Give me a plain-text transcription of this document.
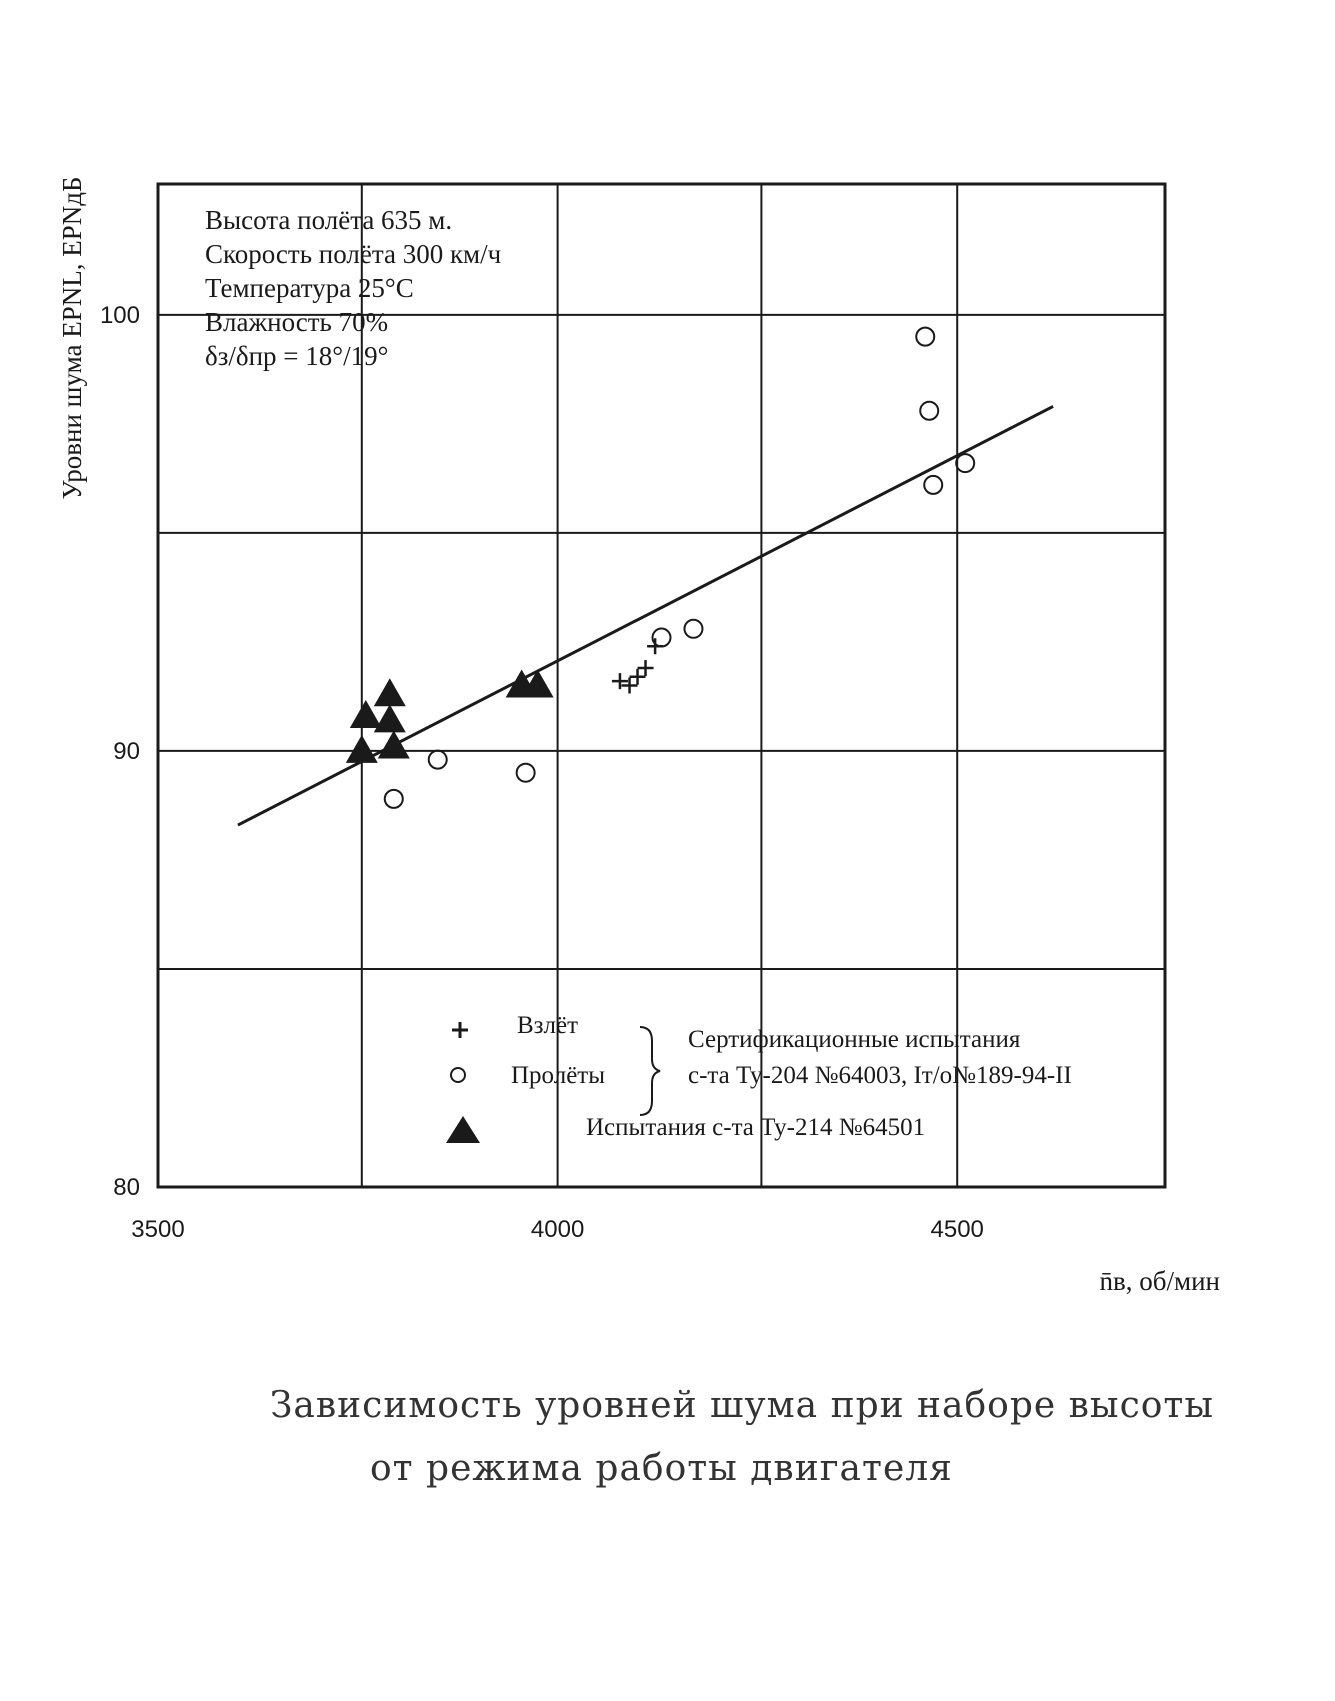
3500	4000	4500
80
90
100
Высота полёта 635 м.
Скорость полёта 300 км/ч
Температура 25°С
Влажность 70%
δз/δпр = 18°/19°
Взлёт
Пролёты
Сертификационные испытания
с-та Ту-204 №64003, Iт/о№189-94-II
Испытания с-та Ту-214 №64501
Уровни шума EPNL, EPNдБ
n̄в, об/мин
Зависимость уровней шума при наборе высоты
от режима работы двигателя
